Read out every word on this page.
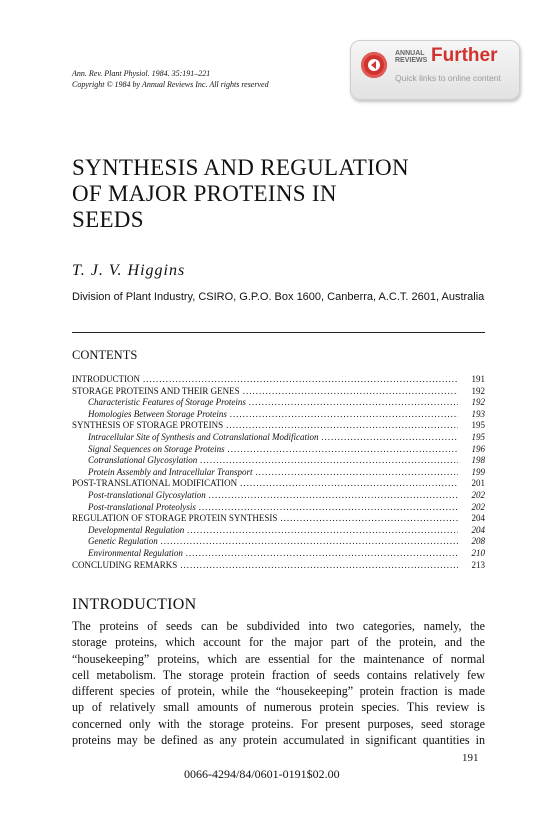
Ann. Rev. Plant Physiol. 1984. 35:191–221
Copyright © 1984 by Annual Reviews Inc. All rights reserved
ANNUAL
REVIEWS Further
Quick links to online content
SYNTHESIS AND REGULATION
OF MAJOR PROTEINS IN
SEEDS
T. J. V. Higgins
Division of Plant Industry, CSIRO, G.P.O. Box 1600, Canberra, A.C.T. 2601, Australia
CONTENTS
INTRODUCTION .....	191
STORAGE PROTEINS AND THEIR GENES .....	192
Characteristic Features of Storage Proteins .....	192
Homologies Between Storage Proteins .....	193
SYNTHESIS OF STORAGE PROTEINS .....	195
Intracellular Site of Synthesis and Cotranslational Modification .....	195
Signal Sequences on Storage Proteins .....	196
Cotranslational Glycosylation .....	198
Protein Assembly and Intracellular Transport .....	199
POST-TRANSLATIONAL MODIFICATION .....	201
Post-translational Glycosylation .....	202
Post-translational Proteolysis .....	202
REGULATION OF STORAGE PROTEIN SYNTHESIS .....	204
Developmental Regulation .....	204
Genetic Regulation .....	208
Environmental Regulation .....	210
CONCLUDING REMARKS .....	213
INTRODUCTION
The proteins of seeds can be subdivided into two categories, namely, the
storage proteins, which account for the major part of the protein, and the
“housekeeping” proteins, which are essential for the maintenance of normal
cell metabolism. The storage protein fraction of seeds contains relatively few
different species of protein, while the “housekeeping” protein fraction is made
up of relatively small amounts of numerous protein species. This review is
concerned only with the storage proteins. For present purposes, seed storage
proteins may be defined as any protein accumulated in significant quantities in
191
0066-4294/84/0601-0191$02.00
